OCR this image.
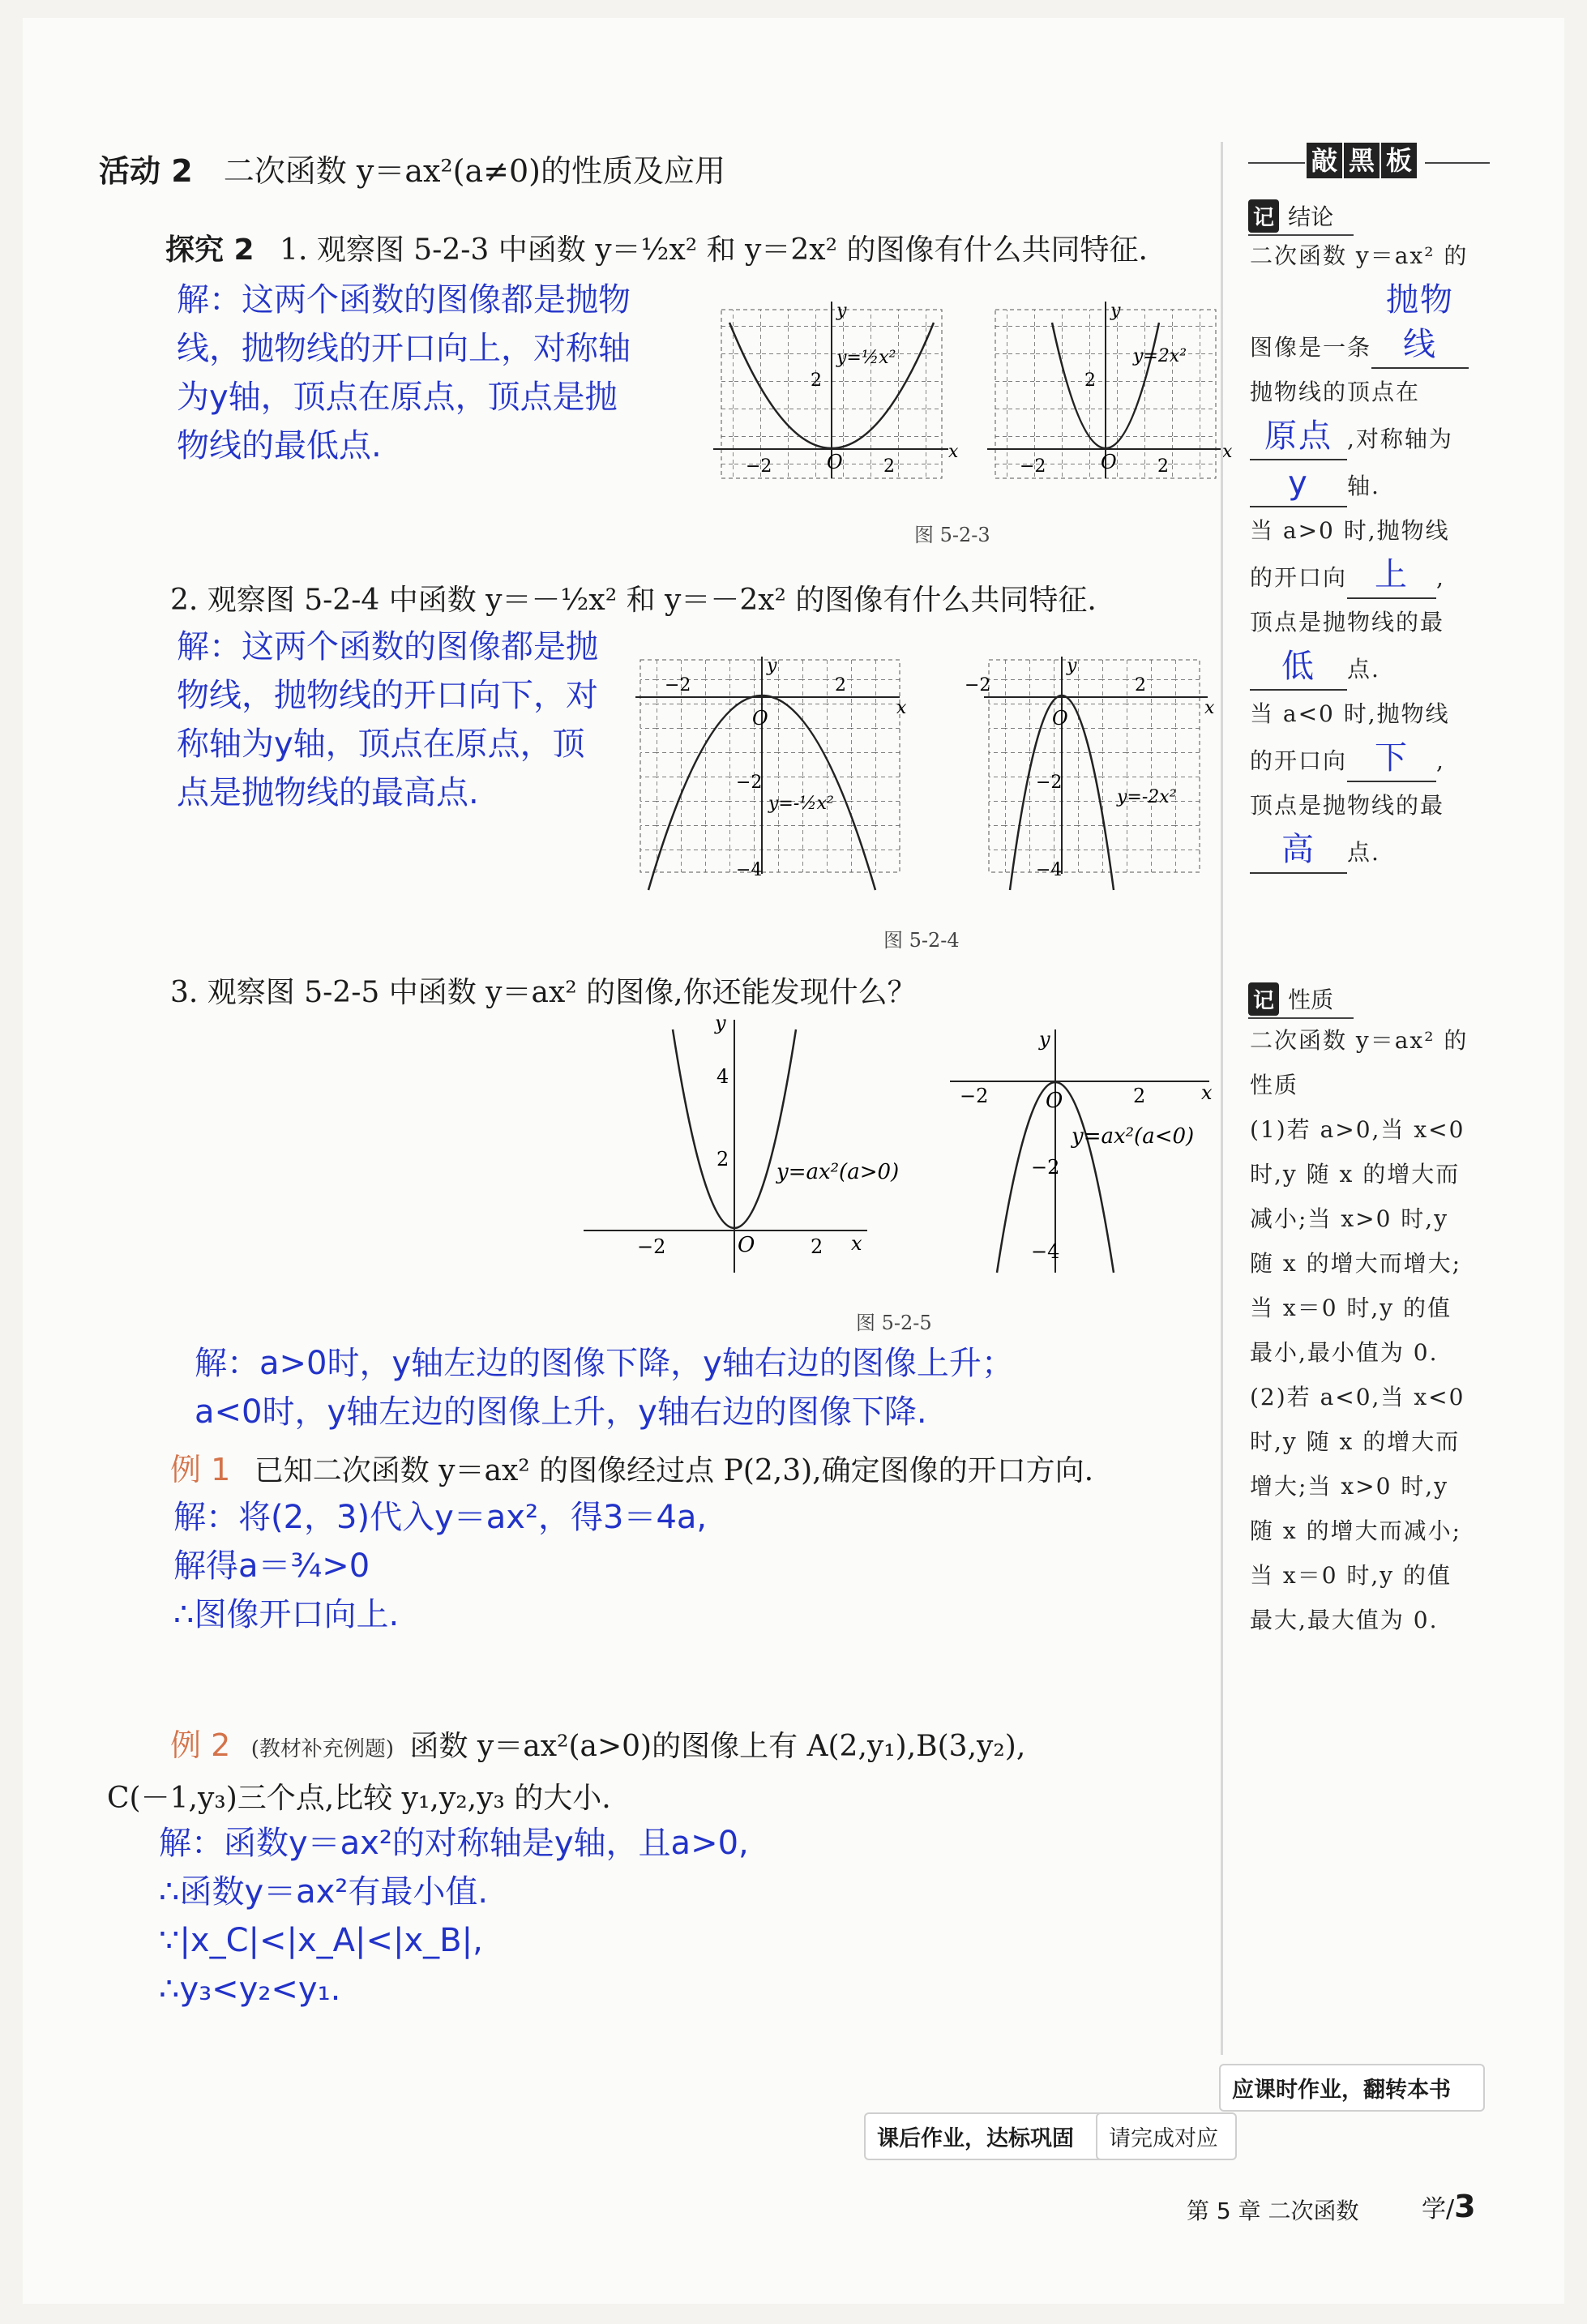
活动 2 二次函数 y＝ax²(a≠0)的性质及应用
探究 2 1. 观察图 5-2-3 中函数 y＝½x² 和 y＝2x² 的图像有什么共同特征.
解：这两个函数的图像都是抛物
线，抛物线的开口向上，对称轴
为y轴，顶点在原点，顶点是抛
物线的最低点.	O	x
y
−2	2
2
y=½x²
O	x
y
−2	2
2
y=2x²
图 5-2-3
2. 观察图 5-2-4 中函数 y＝－½x² 和 y＝－2x² 的图像有什么共同特征.
解：这两个函数的图像都是抛
物线，抛物线的开口向下，对
称轴为y轴，顶点在原点，顶
点是抛物线的最高点.
O	x
y
−2	2
−2
−4
y=-½x²
O	x
y
−2	2
−2
−4
y=-2x²
图 5-2-4
3. 观察图 5-2-5 中函数 y＝ax² 的图像,你还能发现什么？
O	x
y
−2	2
2
4
y=ax²(a>0)
O	x
y
−2	2
−2
−4
y=ax²(a<0)
图 5-2-5
解：a>0时，y轴左边的图像下降，y轴右边的图像上升；
a<0时，y轴左边的图像上升，y轴右边的图像下降.
例 1 已知二次函数 y＝ax² 的图像经过点 P(2,3),确定图像的开口方向.
解：将(2，3)代入y＝ax²，得3＝4a,
解得a＝¾>0
∴图像开口向上.
例 2 (教材补充例题) 函数 y＝ax²(a>0)的图像上有 A(2,y₁),B(3,y₂),
C(－1,y₃)三个点,比较 y₁,y₂,y₃ 的大小.
解：函数y＝ax²的对称轴是y轴，且a>0,
∴函数y＝ax²有最小值.
∵|x_C|<|x_A|<|x_B|,
∴y₃<y₂<y₁.
敲 黑 板
记 结论
二次函数 y＝ax² 的
图像是一条抛物线
抛物线的顶点在
原点 ,对称轴为
y 轴.
当 a>0 时,抛物线
的开口向 上 ,
顶点是抛物线的最
低 点.
当 a<0 时,抛物线
的开口向 下 ,
顶点是抛物线的最
高 点.
记 性质
二次函数 y＝ax² 的
性质
(1)若 a>0,当 x<0
时,y 随 x 的增大而
减小;当 x>0 时,y
随 x 的增大而增大;
当 x＝0 时,y 的值
最小,最小值为 0.
(2)若 a<0,当 x<0
时,y 随 x 的增大而
增大;当 x>0 时,y
随 x 的增大而减小;
当 x＝0 时,y 的值
最大,最大值为 0.
应课时作业，翻转本书
课后作业，达标巩固	请完成对应
第 5 章 二次函数	学/3
